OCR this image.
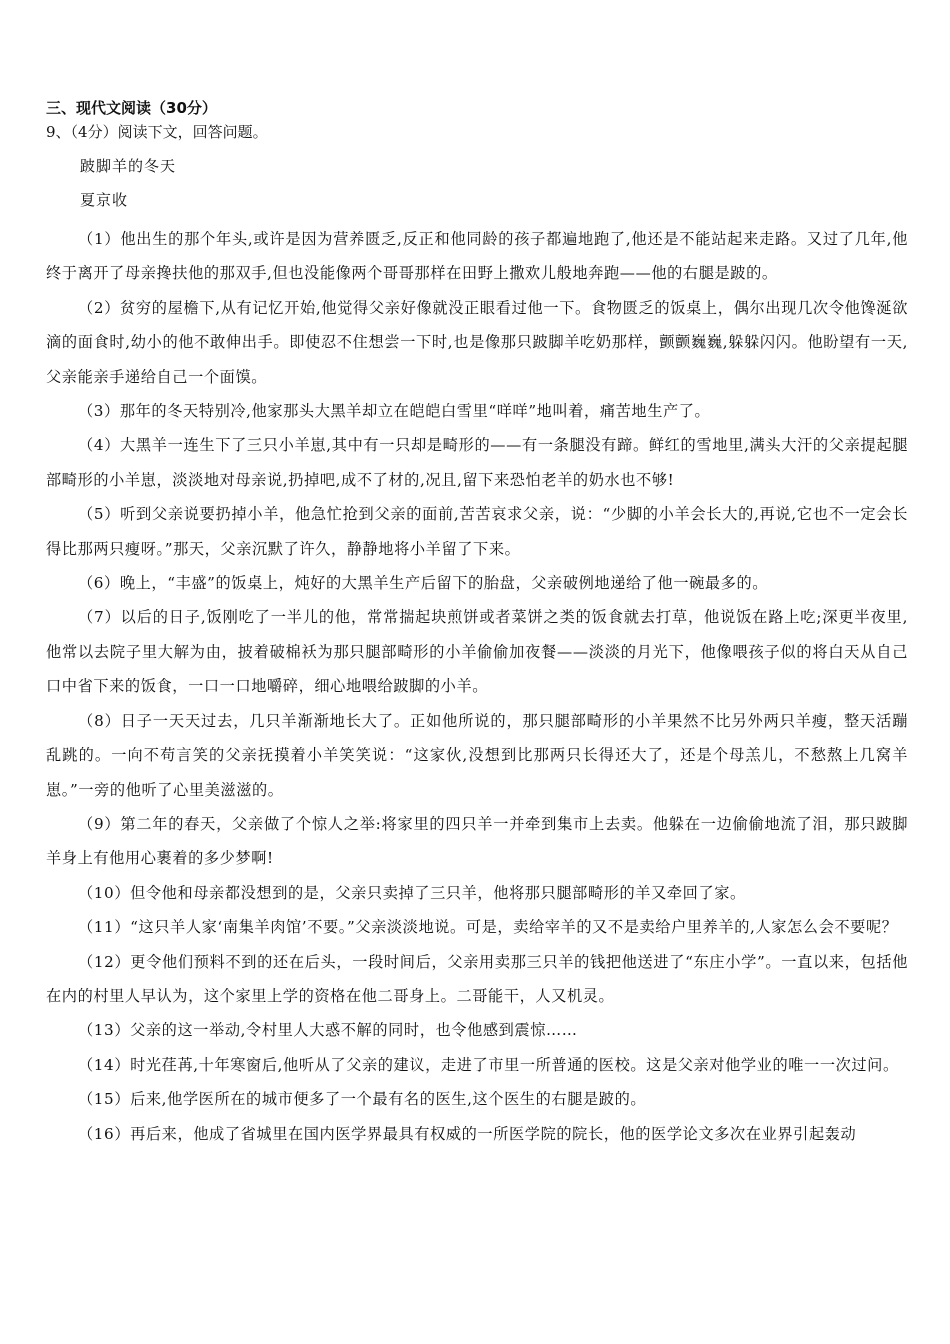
三、现代文阅读（30分）

9、（4分）阅读下文，回答问题。

跛脚羊的冬天

夏京收

（1）他出生的那个年头,或许是因为营养匮乏,反正和他同龄的孩子都遍地跑了,他还是不能站起来走路。又过了几年,他终于离开了母亲搀扶他的那双手,但也没能像两个哥哥那样在田野上撒欢儿般地奔跑——他的右腿是跛的。

（2）贫穷的屋檐下,从有记忆开始,他觉得父亲好像就没正眼看过他一下。食物匮乏的饭桌上，偶尔出现几次令他馋涎欲滴的面食时,幼小的他不敢伸出手。即使忍不住想尝一下时,也是像那只跛脚羊吃奶那样，颤颤巍巍,躲躲闪闪。他盼望有一天,父亲能亲手递给自己一个面馍。

（3）那年的冬天特别冷,他家那头大黑羊却立在皑皑白雪里“咩咩”地叫着，痛苦地生产了。

（4）大黑羊一连生下了三只小羊崽,其中有一只却是畸形的——有一条腿没有蹄。鲜红的雪地里,满头大汗的父亲提起腿部畸形的小羊崽，淡淡地对母亲说,扔掉吧,成不了材的,况且,留下来恐怕老羊的奶水也不够!

（5）听到父亲说要扔掉小羊，他急忙抢到父亲的面前,苦苦哀求父亲，说：“少脚的小羊会长大的,再说,它也不一定会长得比那两只瘦呀。”那天，父亲沉默了许久，静静地将小羊留了下来。

（6）晚上，“丰盛”的饭桌上，炖好的大黑羊生产后留下的胎盘，父亲破例地递给了他一碗最多的。

（7）以后的日子,饭刚吃了一半儿的他，常常揣起块煎饼或者菜饼之类的饭食就去打草，他说饭在路上吃;深更半夜里,他常以去院子里大解为由，披着破棉袄为那只腿部畸形的小羊偷偷加夜餐——淡淡的月光下，他像喂孩子似的将白天从自己口中省下来的饭食，一口一口地嚼碎，细心地喂给跛脚的小羊。

（8）日子一天天过去，几只羊渐渐地长大了。正如他所说的，那只腿部畸形的小羊果然不比另外两只羊瘦，整天活蹦乱跳的。一向不苟言笑的父亲抚摸着小羊笑笑说：“这家伙,没想到比那两只长得还大了，还是个母羔儿，不愁熬上几窝羊崽。”一旁的他听了心里美滋滋的。

（9）第二年的春天，父亲做了个惊人之举:将家里的四只羊一并牵到集市上去卖。他躲在一边偷偷地流了泪，那只跛脚羊身上有他用心裹着的多少梦啊!

（10）但令他和母亲都没想到的是，父亲只卖掉了三只羊，他将那只腿部畸形的羊又牵回了家。

（11）“这只羊人家‘南集羊肉馆’不要。”父亲淡淡地说。可是，卖给宰羊的又不是卖给户里养羊的,人家怎么会不要呢？

（12）更令他们预料不到的还在后头，一段时间后，父亲用卖那三只羊的钱把他送进了“东庄小学”。一直以来，包括他在内的村里人早认为，这个家里上学的资格在他二哥身上。二哥能干，人又机灵。

（13）父亲的这一举动,令村里人大惑不解的同时，也令他感到震惊……

（14）时光荏苒,十年寒窗后,他听从了父亲的建议，走进了市里一所普通的医校。这是父亲对他学业的唯一一次过问。

（15）后来,他学医所在的城市便多了一个最有名的医生,这个医生的右腿是跛的。

（16）再后来，他成了省城里在国内医学界最具有权威的一所医学院的院长，他的医学论文多次在业界引起轰动
